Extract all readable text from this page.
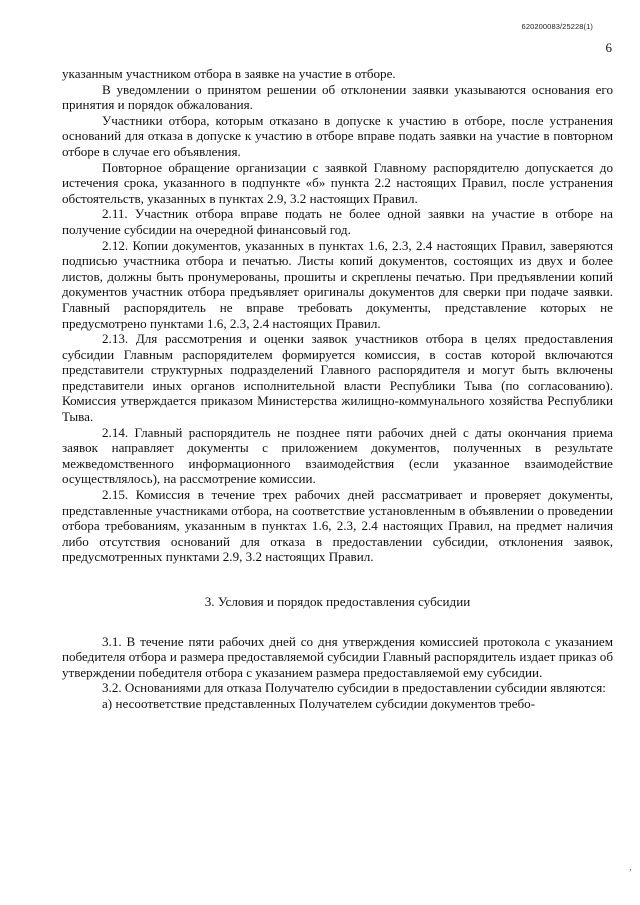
620200083/25228(1)
6

указанным участником отбора в заявке на участие в отборе.

В уведомлении о принятом решении об отклонении заявки указываются основания его принятия и порядок обжалования.

Участники отбора, которым отказано в допуске к участию в отборе, после устранения оснований для отказа в допуске к участию в отборе вправе подать заявки на участие в повторном отборе в случае его объявления.

Повторное обращение организации с заявкой Главному распорядителю допускается до истечения срока, указанного в подпункте «б» пункта 2.2 настоящих Правил, после устранения обстоятельств, указанных в пунктах 2.9, 3.2 настоящих Правил.

2.11. Участник отбора вправе подать не более одной заявки на участие в отборе на получение субсидии на очередной финансовый год.

2.12. Копии документов, указанных в пунктах 1.6, 2.3, 2.4 настоящих Правил, заверяются подписью участника отбора и печатью. Листы копий документов, состоящих из двух и более листов, должны быть пронумерованы, прошиты и скреплены печатью. При предъявлении копий документов участник отбора предъявляет оригиналы документов для сверки при подаче заявки. Главный распорядитель не вправе требовать документы, представление которых не предусмотрено пунктами 1.6, 2.3, 2.4 настоящих Правил.

2.13. Для рассмотрения и оценки заявок участников отбора в целях предоставления субсидии Главным распорядителем формируется комиссия, в состав которой включаются представители структурных подразделений Главного распорядителя и могут быть включены представители иных органов исполнительной власти Республики Тыва (по согласованию). Комиссия утверждается приказом Министерства жилищно-коммунального хозяйства Республики Тыва.

2.14. Главный распорядитель не позднее пяти рабочих дней с даты окончания приема заявок направляет документы с приложением документов, полученных в результате межведомственного информационного взаимодействия (если указанное взаимодействие осуществлялось), на рассмотрение комиссии.

2.15. Комиссия в течение трех рабочих дней рассматривает и проверяет документы, представленные участниками отбора, на соответствие установленным в объявлении о проведении отбора требованиям, указанным в пунктах 1.6, 2.3, 2.4 настоящих Правил, на предмет наличия либо отсутствия оснований для отказа в предоставлении субсидии, отклонения заявок, предусмотренных пунктами 2.9, 3.2 настоящих Правил.

3. Условия и порядок предоставления субсидии

3.1. В течение пяти рабочих дней со дня утверждения комиссией протокола с указанием победителя отбора и размера предоставляемой субсидии Главный распорядитель издает приказ об утверждении победителя отбора с указанием размера предоставляемой ему субсидии.

3.2. Основаниями для отказа Получателю субсидии в предоставлении субсидии являются:

а) несоответствие представленных Получателем субсидии документов требо-

’
